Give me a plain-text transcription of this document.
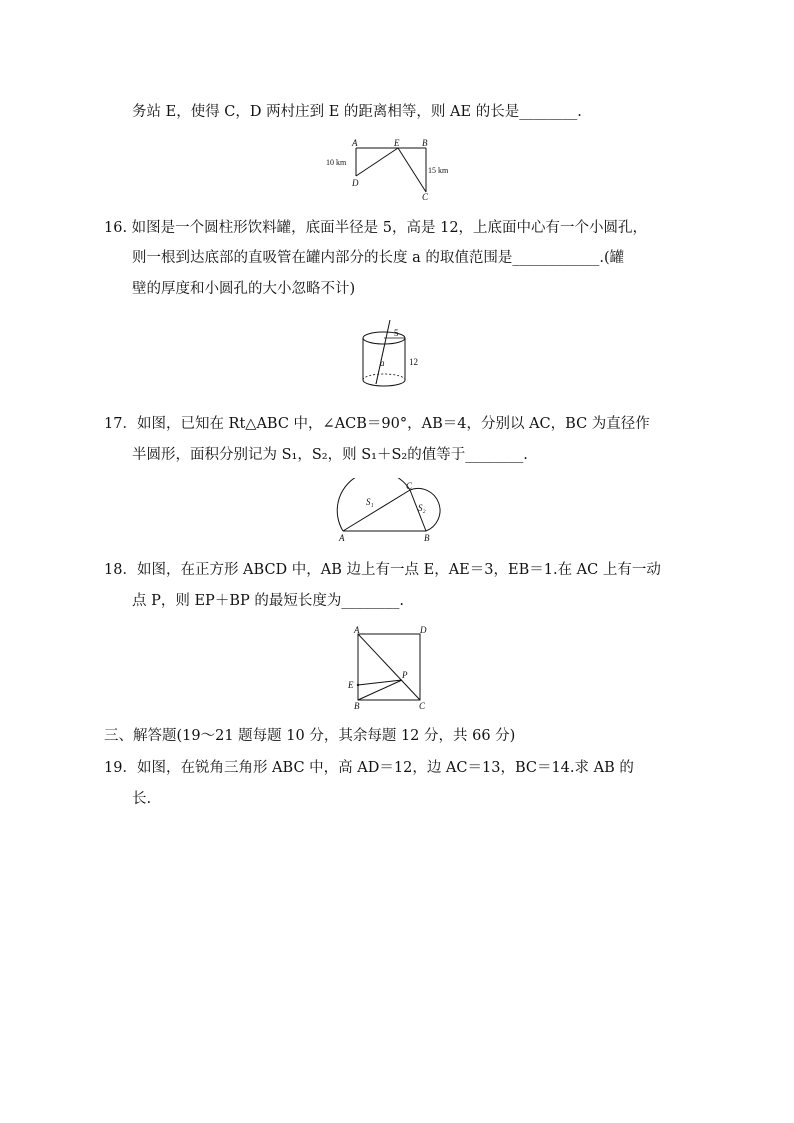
务站 E，使得 C，D 两村庄到 E 的距离相等，则 AE 的长是________.
A	E	B
D
C
10 km
15 km
16. 如图是一个圆柱形饮料罐，底面半径是 5，高是 12，上底面中心有一个小圆孔，
则一根到达底部的直吸管在罐内部分的长度 a 的取值范围是____________.(罐
壁的厚度和小圆孔的大小忽略不计)
5
12
a
17．如图，已知在 Rt△ABC 中，∠ACB＝90°，AB＝4，分别以 AC，BC 为直径作
半圆形，面积分别记为 S₁，S₂，则 S₁＋S₂的值等于________.
A	B
C
S₁
S₂
18．如图，在正方形 ABCD 中，AB 边上有一点 E，AE＝3，EB＝1.在 AC 上有一动
点 P，则 EP＋BP 的最短长度为________.
A	D
P
E
B	C
三、解答题(19～21 题每题 10 分，其余每题 12 分，共 66 分)
19．如图，在锐角三角形 ABC 中，高 AD＝12，边 AC＝13，BC＝14.求 AB 的
长.
